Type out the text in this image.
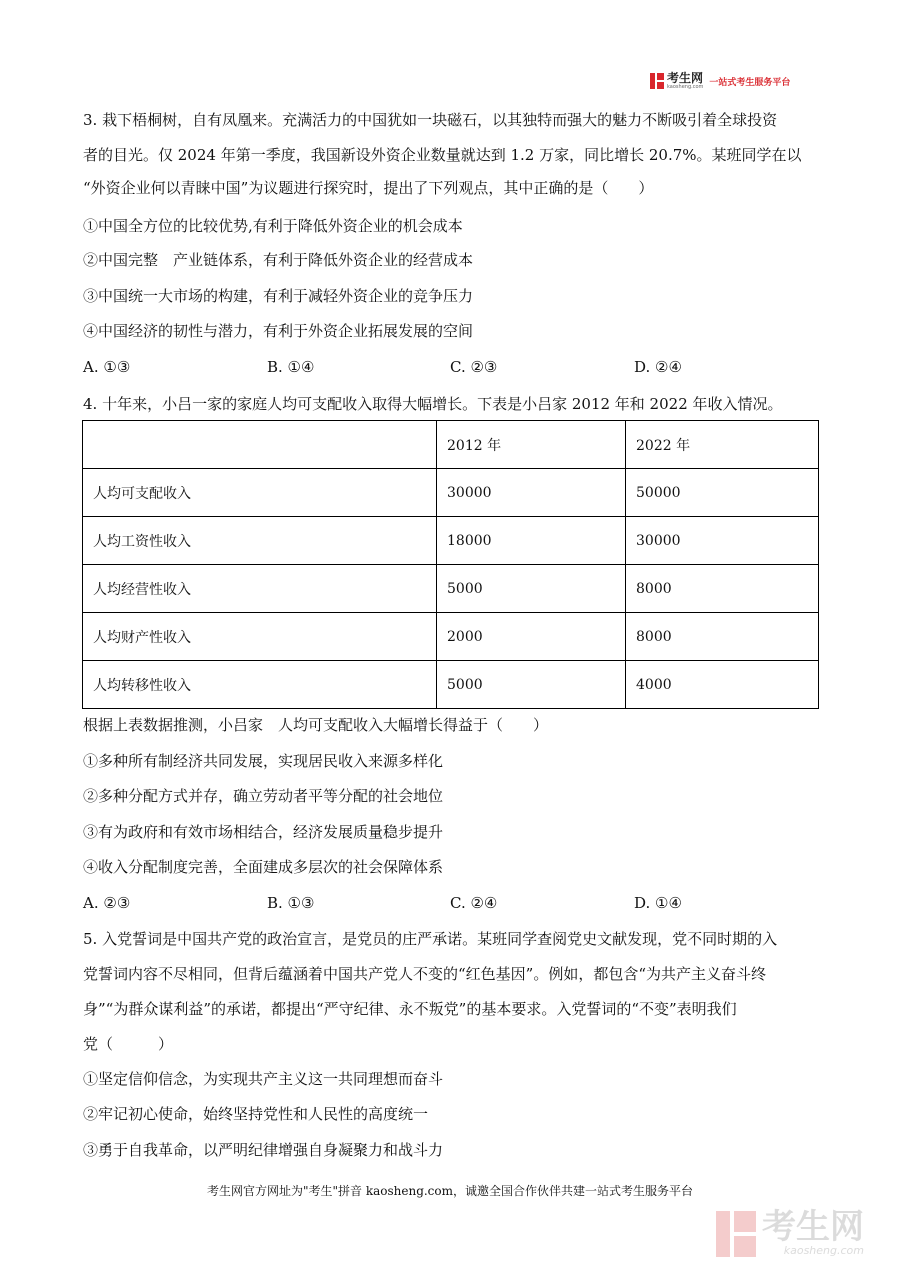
考生网
kaosheng.com 一站式考生服务平台
3. 栽下梧桐树，自有凤凰来。充满活力的中国犹如一块磁石，以其独特而强大的魅力不断吸引着全球投资
者的目光。仅 2024 年第一季度，我国新设外资企业数量就达到 1.2 万家，同比增长 20.7%。某班同学在以
“外资企业何以青睐中国”为议题进行探究时，提出了下列观点，其中正确的是（　　）
①中国全方位的比较优势,有利于降低外资企业的机会成本
②中国完整　产业链体系，有利于降低外资企业的经营成本
③中国统一大市场的构建，有利于减轻外资企业的竞争压力
④中国经济的韧性与潜力，有利于外资企业拓展发展的空间
A. ①③	B. ①④	C. ②③	D. ②④
4. 十年来，小吕一家的家庭人均可支配收入取得大幅增长。下表是小吕家 2012 年和 2022 年收入情况。
	2012 年	2022 年
人均可支配收入	30000	50000
人均工资性收入	18000	30000
人均经营性收入	5000	8000
人均财产性收入	2000	8000
人均转移性收入	5000	4000
根据上表数据推测，小吕家　人均可支配收入大幅增长得益于（　　）
①多种所有制经济共同发展，实现居民收入来源多样化
②多种分配方式并存，确立劳动者平等分配的社会地位
③有为政府和有效市场相结合，经济发展质量稳步提升
④收入分配制度完善，全面建成多层次的社会保障体系
A. ②③	B. ①③	C. ②④	D. ①④
5. 入党誓词是中国共产党的政治宣言，是党员的庄严承诺。某班同学查阅党史文献发现，党不同时期的入
党誓词内容不尽相同，但背后蕴涵着中国共产党人不变的“红色基因”。例如，都包含“为共产主义奋斗终
身”“为群众谋利益”的承诺，都提出“严守纪律、永不叛党”的基本要求。入党誓词的“不变”表明我们
党（　　　）
①坚定信仰信念，为实现共产主义这一共同理想而奋斗
②牢记初心使命，始终坚持党性和人民性的高度统一
③勇于自我革命，以严明纪律增强自身凝聚力和战斗力
考生网官方网址为"考生"拼音 kaosheng.com，诚邀全国合作伙伴共建一站式考生服务平台
考生网
kaosheng.com
